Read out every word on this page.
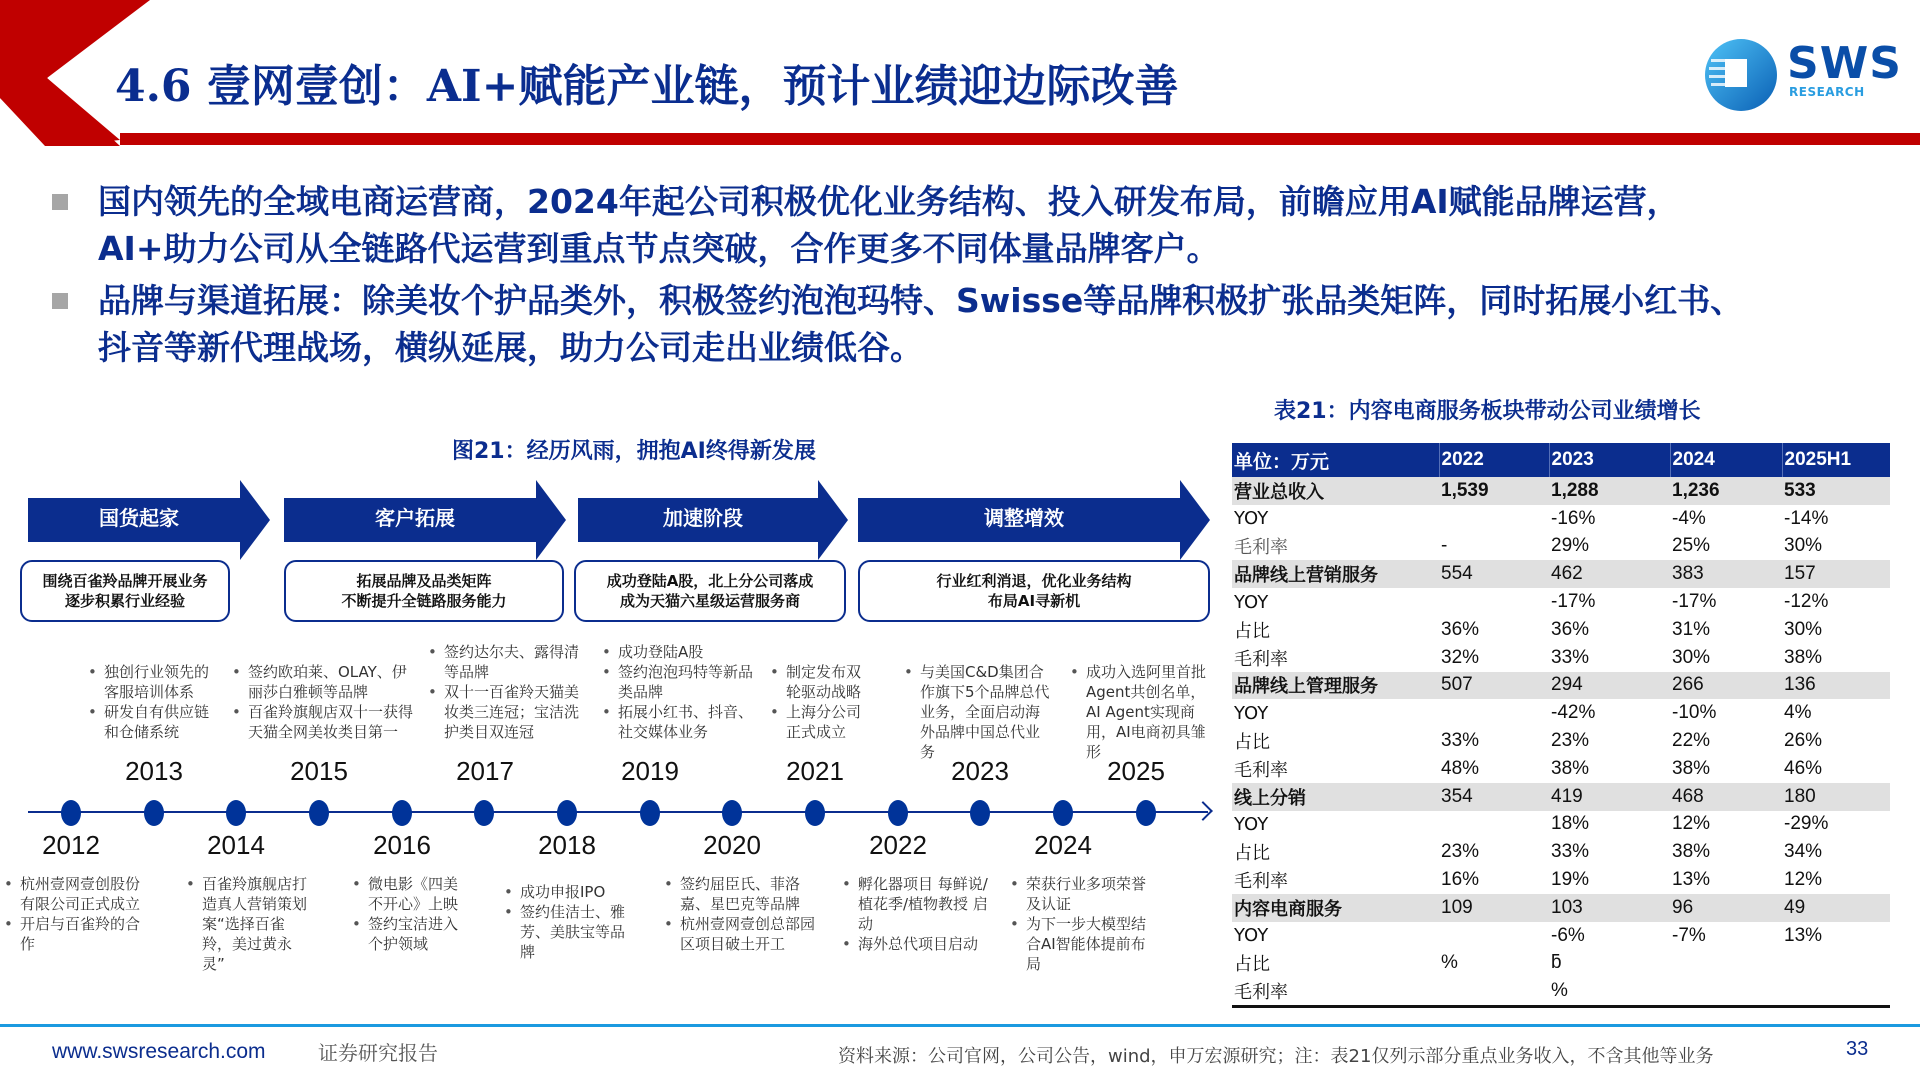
4.6 壹网壹创：AI+赋能产业链，预计业绩迎边际改善	SWS
RESEARCH
国内领先的全域电商运营商，2024年起公司积极优化业务结构、投入研发布局，前瞻应用AI赋能品牌运营，
AI+助力公司从全链路代运营到重点节点突破，合作更多不同体量品牌客户。
品牌与渠道拓展：除美妆个护品类外，积极签约泡泡玛特、Swisse等品牌积极扩张品类矩阵，同时拓展小红书、
抖音等新代理战场，横纵延展，助力公司走出业绩低谷。
图21：经历风雨，拥抱AI终得新发展
国货起家	客户拓展	加速阶段	调整增效
围绕百雀羚品牌开展业务
逐步积累行业经验
拓展品牌及品类矩阵
不断提升全链路服务能力
成功登陆A股，北上分公司落成
成为天猫六星级运营服务商
行业红利消退，优化业务结构
布局AI寻新机
• 独创行业领先的客服培训体系
• 研发自有供应链和仓储系统
• 签约欧珀莱、OLAY、伊丽莎白雅顿等品牌
• 百雀羚旗舰店双十一获得天猫全网美妆类目第一
• 签约达尔夫、露得清等品牌
• 双十一百雀羚天猫美妆类三连冠；宝洁洗护类目双连冠
• 成功登陆A股
• 签约泡泡玛特等新品类品牌
• 拓展小红书、抖音、社交媒体业务
• 制定发布双轮驱动战略
• 上海分公司正式成立
• 与美国C&D集团合作旗下5个品牌总代业务，全面启动海外品牌中国总代业务
• 成功入选阿里首批Agent共创名单，AI Agent实现商用，AI电商初具雏形
2013	2015	2017	2019	2021	2023	2025
2012	2014	2016	2018	2020	2022	2024
• 杭州壹网壹创股份有限公司正式成立
• 开启与百雀羚的合作
• 百雀羚旗舰店打造真人营销策划案“选择百雀羚，美过黄永灵”
• 微电影《四美不开心》上映
• 签约宝洁进入个护领域
• 成功申报IPO
• 签约佳洁士、雅芳、美肤宝等品牌
• 签约屈臣氏、菲洛嘉、星巴克等品牌
• 杭州壹网壹创总部园区项目破土开工
• 孵化器项目 每鲜说/植花季/植物教授 启动
• 海外总代项目启动
• 荣获行业多项荣誉及认证
• 为下一步大模型结合AI智能体提前布局
表21：内容电商服务板块带动公司业绩增长
单位：万元	2022	2023	2024	2025H1
营业总收入	1,539	1,288	1,236	533
YOY		-16%	-4%	-14%
毛利率	-	29%	25%	30%
品牌线上营销服务	554	462	383	157
YOY		-17%	-17%	-12%
占比	36%	36%	31%	30%
毛利率	32%	33%	30%	38%
品牌线上管理服务	507	294	266	136
YOY		-42%	-10%	4%
占比	33%	23%	22%	26%
毛利率	48%	38%	38%	46%
线上分销	354	419	468	180
YOY		18%	12%	-29%
占比	23%	33%	38%	34%
毛利率	16%	19%	13%	12%
内容电商服务	109	103	96	49
YOY		-6%	-7%	13%
占比	%	ƃ		
毛利率		%		
www.swsresearch.com	证券研究报告	资料来源：公司官网，公司公告，wind，申万宏源研究；注：表21仅列示部分重点业务收入，不含其他等业务	33
